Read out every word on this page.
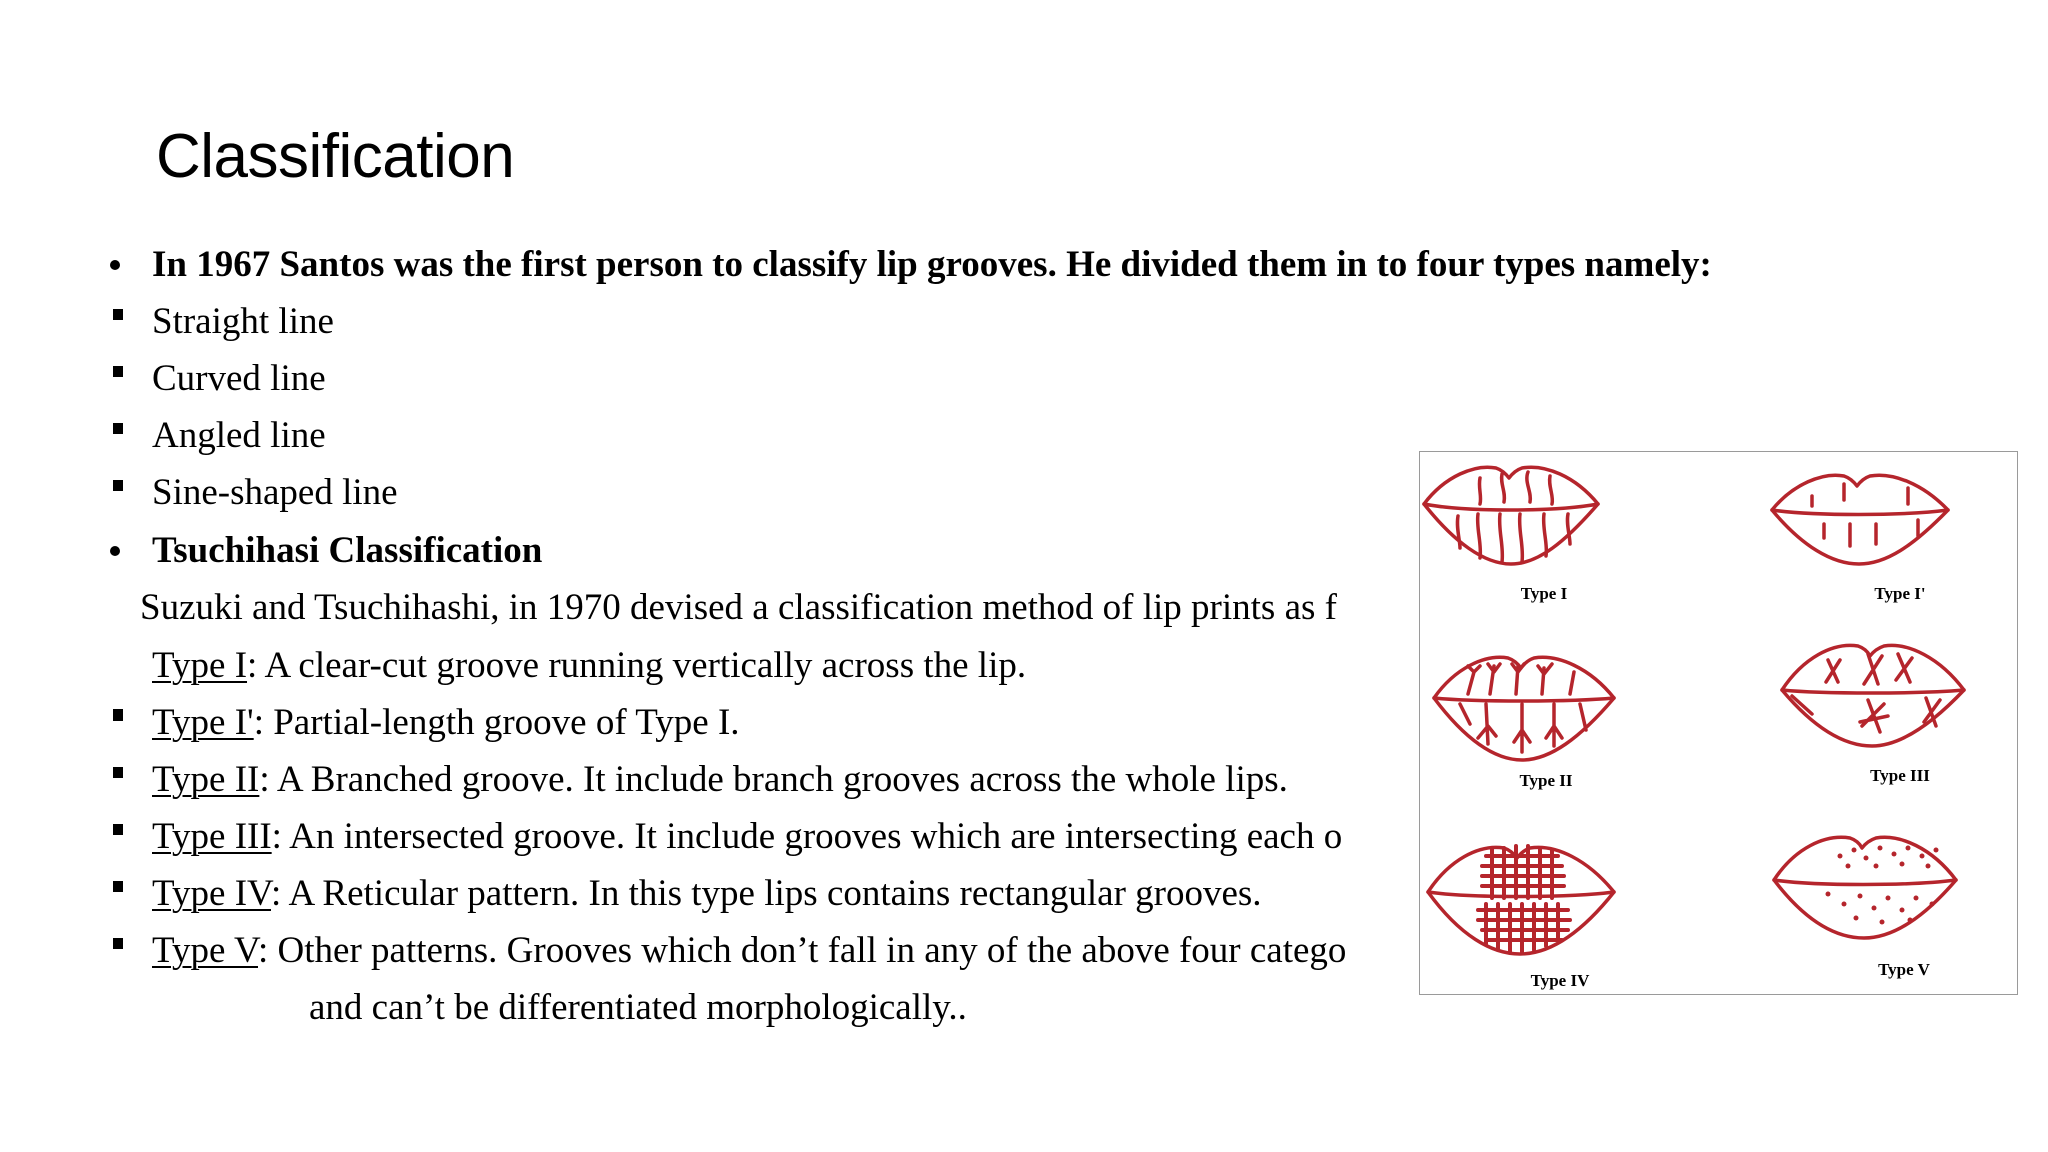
Classification
In 1967 Santos was the first person to classify lip grooves. He divided them in to four types namely:
Straight line
Curved line
Angled line
Sine-shaped line
Tsuchihasi Classification
Suzuki and Tsuchihashi, in 1970 devised a classification method of lip prints as f
Type I: A clear-cut groove running vertically across the lip.
Type I': Partial-length groove of Type I.
Type II: A Branched groove. It include branch grooves across the whole lips.
Type III: An intersected groove. It include grooves which are intersecting each o
Type IV: A Reticular pattern. In this type lips contains rectangular grooves.
Type V: Other patterns. Grooves which don’t fall in any of the above four catego
and can’t be differentiated morphologically..
Type I	Type I'
Type II	Type III
Type IV
Type V
